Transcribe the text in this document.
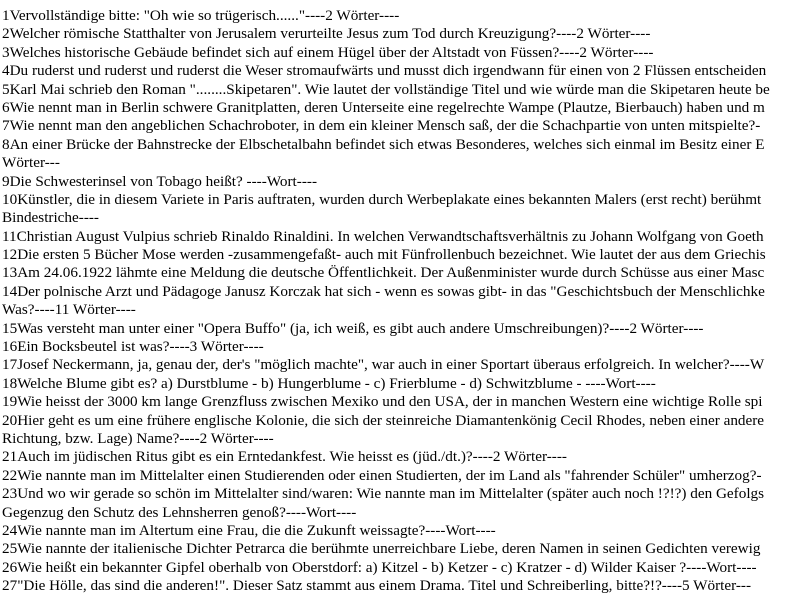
1Vervollständige bitte: "Oh wie so trügerisch......"----2 Wörter----
2Welcher römische Statthalter von Jerusalem verurteilte Jesus zum Tod durch Kreuzigung?----2 Wörter----
3Welches historische Gebäude befindet sich auf einem Hügel über der Altstadt von Füssen?----2 Wörter----
4Du ruderst und ruderst und ruderst die Weser stromaufwärts und musst dich irgendwann für einen von 2 Flüssen entscheiden
5Karl Mai schrieb den Roman "........Skipetaren". Wie lautet der vollständige Titel und wie würde man die Skipetaren heute be
6Wie nennt man in Berlin schwere Granitplatten, deren Unterseite eine regelrechte Wampe (Plautze, Bierbauch) haben und m
7Wie nennt man den angeblichen Schachroboter, in dem ein kleiner Mensch saß, der die Schachpartie von unten mitspielte?-
8An einer Brücke der Bahnstrecke der Elbschetalbahn befindet sich etwas Besonderes, welches sich einmal im Besitz einer E
Wörter---
9Die Schwesterinsel von Tobago heißt? ----Wort----
10Künstler, die in diesem Variete in Paris auftraten, wurden durch Werbeplakate eines bekannten Malers (erst recht) berühmt
Bindestriche----
11Christian August Vulpius schrieb Rinaldo Rinaldini. In welchen Verwandtschaftsverhältnis zu Johann Wolfgang von Goeth
12Die ersten 5 Bücher Mose werden -zusammengefaßt- auch mit Fünfrollenbuch bezeichnet. Wie lautet der aus dem Griechis
13Am 24.06.1922 lähmte eine Meldung die deutsche Öffentlichkeit. Der Außenminister wurde durch Schüsse aus einer Masc
14Der polnische Arzt und Pädagoge Janusz Korczak hat sich - wenn es sowas gibt- in das "Geschichtsbuch der Menschlichke
Was?----11 Wörter----
15Was versteht man unter einer "Opera Buffo" (ja, ich weiß, es gibt auch andere Umschreibungen)?----2 Wörter----
16Ein Bocksbeutel ist was?----3 Wörter----
17Josef Neckermann, ja, genau der, der's "möglich machte", war auch in einer Sportart überaus erfolgreich. In welcher?----W
18Welche Blume gibt es? a) Durstblume - b) Hungerblume - c) Frierblume - d) Schwitzblume - ----Wort----
19Wie heisst der 3000 km lange Grenzfluss zwischen Mexiko und den USA, der in manchen Western eine wichtige Rolle spi
20Hier geht es um eine frühere englische Kolonie, die sich der steinreiche Diamantenkönig Cecil Rhodes, neben einer andere
Richtung, bzw. Lage) Name?----2 Wörter----
21Auch im jüdischen Ritus gibt es ein Erntedankfest. Wie heisst es (jüd./dt.)?----2 Wörter----
22Wie nannte man im Mittelalter einen Studierenden oder einen Studierten, der im Land als "fahrender Schüler" umherzog?-
23Und wo wir gerade so schön im Mittelalter sind/waren: Wie nannte man im Mittelalter (später auch noch !?!?) den Gefolgs
Gegenzug den Schutz des Lehnsherren genoß?----Wort----
24Wie nannte man im Altertum eine Frau, die die Zukunft weissagte?----Wort----
25Wie nannte der italienische Dichter Petrarca die berühmte unerreichbare Liebe, deren Namen in seinen Gedichten verewig
26Wie heißt ein bekannter Gipfel oberhalb von Oberstdorf: a) Kitzel - b) Ketzer - c) Kratzer - d) Wilder Kaiser ?----Wort----
27"Die Hölle, das sind die anderen!". Dieser Satz stammt aus einem Drama. Titel und Schreiberling, bitte?!?----5 Wörter---
